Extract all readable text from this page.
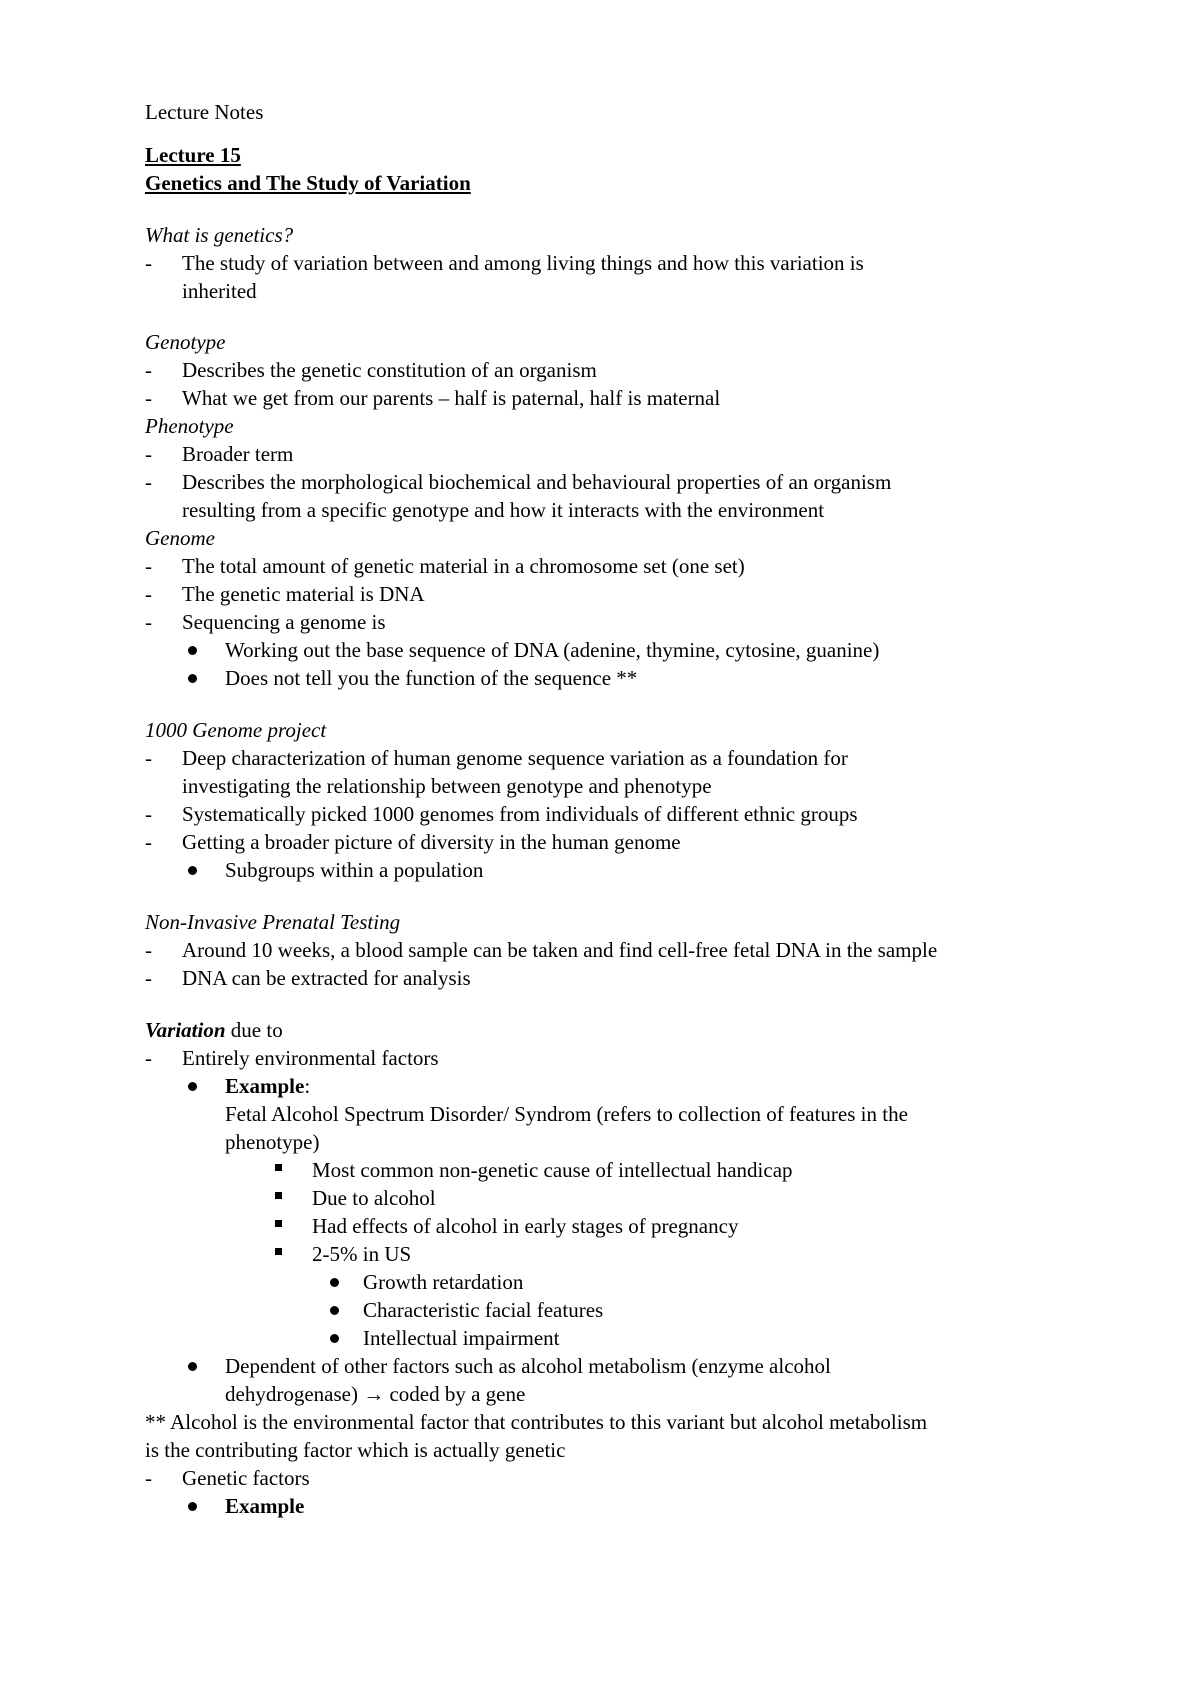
Lecture Notes
Lecture 15
Genetics and The Study of Variation
What is genetics?
-	The study of variation between and among living things and how this variation is
inherited
Genotype
-	Describes the genetic constitution of an organism
-	What we get from our parents – half is paternal, half is maternal
Phenotype
-	Broader term
-	Describes the morphological biochemical and behavioural properties of an organism
resulting from a specific genotype and how it interacts with the environment
Genome
-	The total amount of genetic material in a chromosome set (one set)
-	The genetic material is DNA
-	Sequencing a genome is
Working out the base sequence of DNA (adenine, thymine, cytosine, guanine)
Does not tell you the function of the sequence **
1000 Genome project
-	Deep characterization of human genome sequence variation as a foundation for
investigating the relationship between genotype and phenotype
-	Systematically picked 1000 genomes from individuals of different ethnic groups
-	Getting a broader picture of diversity in the human genome
Subgroups within a population
Non-Invasive Prenatal Testing
-	Around 10 weeks, a blood sample can be taken and find cell-free fetal DNA in the sample
-	DNA can be extracted for analysis
Variation due to
-	Entirely environmental factors
Example:
Fetal Alcohol Spectrum Disorder/ Syndrom (refers to collection of features in the
phenotype)
Most common non-genetic cause of intellectual handicap
Due to alcohol
Had effects of alcohol in early stages of pregnancy
2-5% in US
Growth retardation
Characteristic facial features
Intellectual impairment
Dependent of other factors such as alcohol metabolism (enzyme alcohol
dehydrogenase) → coded by a gene
** Alcohol is the environmental factor that contributes to this variant but alcohol metabolism
is the contributing factor which is actually genetic
-	Genetic factors
Example
